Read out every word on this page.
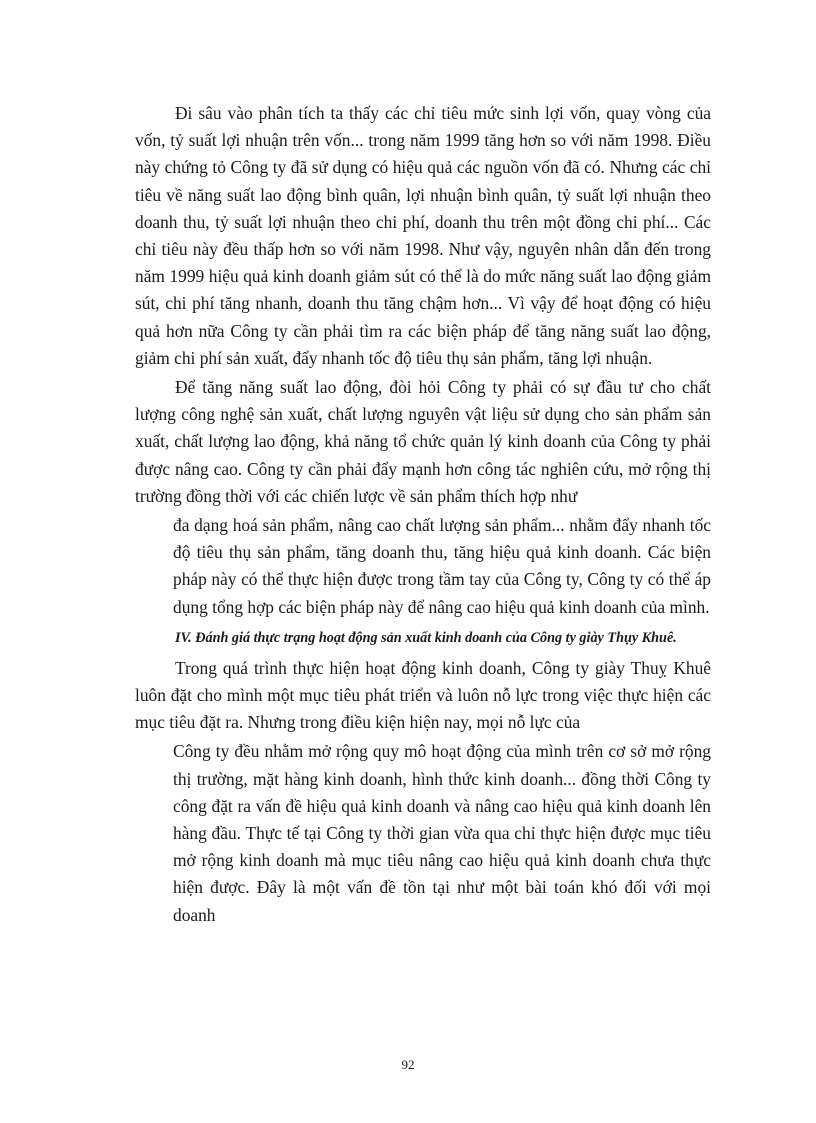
Đi sâu vào phân tích ta thấy các chỉ tiêu mức sinh lợi vốn, quay vòng của vốn, tỷ suất lợi nhuận trên vốn... trong năm 1999 tăng hơn so với năm 1998. Điều này chứng tỏ Công ty đã sử dụng có hiệu quả các nguồn vốn đã có. Nhưng các chỉ tiêu về năng suất lao động bình quân, lợi nhuận bình quân, tỷ suất lợi nhuận theo doanh thu, tỷ suất lợi nhuận theo chi phí, doanh thu trên một đồng chi phí... Các chỉ tiêu này đều thấp hơn so với năm 1998. Như vậy, nguyên nhân dẫn đến trong năm 1999 hiệu quả kinh doanh giảm sút có thể là do mức năng suất lao động giảm sút, chi phí tăng nhanh, doanh thu tăng chậm hơn... Vì vậy để hoạt động có hiệu quả hơn nữa Công ty cần phải tìm ra các biện pháp để tăng năng suất lao động, giảm chi phí sản xuất, đẩy nhanh tốc độ tiêu thụ sản phẩm, tăng lợi nhuận.

Để tăng năng suất lao động, đòi hỏi Công ty phải có sự đầu tư cho chất lượng công nghệ sản xuất, chất lượng nguyên vật liệu sử dụng cho sản phẩm sản xuất, chất lượng lao động, khả năng tổ chức quản lý kinh doanh của Công ty phải được nâng cao. Công ty cần phải đẩy mạnh hơn công tác nghiên cứu, mở rộng thị trường đồng thời với các chiến lược về sản phẩm thích hợp như

đa dạng hoá sản phẩm, nâng cao chất lượng sản phẩm... nhằm đẩy nhanh tốc độ tiêu thụ sản phẩm, tăng doanh thu, tăng hiệu quả kinh doanh. Các biện pháp này có thể thực hiện được trong tầm tay của Công ty, Công ty có thể áp dụng tổng hợp các biện pháp này để nâng cao hiệu quả kinh doanh của mình.

IV. Đánh giá thực trạng hoạt động sản xuất kinh doanh của Công ty giày Thụy Khuê.

Trong quá trình thực hiện hoạt động kinh doanh, Công ty giày Thuỵ Khuê luôn đặt cho mình một mục tiêu phát triển và luôn nỗ lực trong việc thực hiện các mục tiêu đặt ra. Nhưng trong điều kiện hiện nay, mọi nỗ lực của

Công ty đều nhằm mở rộng quy mô hoạt động của mình trên cơ sở mở rộng thị trường, mặt hàng kinh doanh, hình thức kinh doanh... đồng thời Công ty công đặt ra vấn đề hiệu quả kinh doanh và nâng cao hiệu quả kinh doanh lên hàng đầu. Thực tế tại Công ty thời gian vừa qua chỉ thực hiện được mục tiêu mở rộng kinh doanh mà mục tiêu nâng cao hiệu quả kinh doanh chưa thực hiện được. Đây là một vấn đề tồn tại như một bài toán khó đối với mọi doanh

92
